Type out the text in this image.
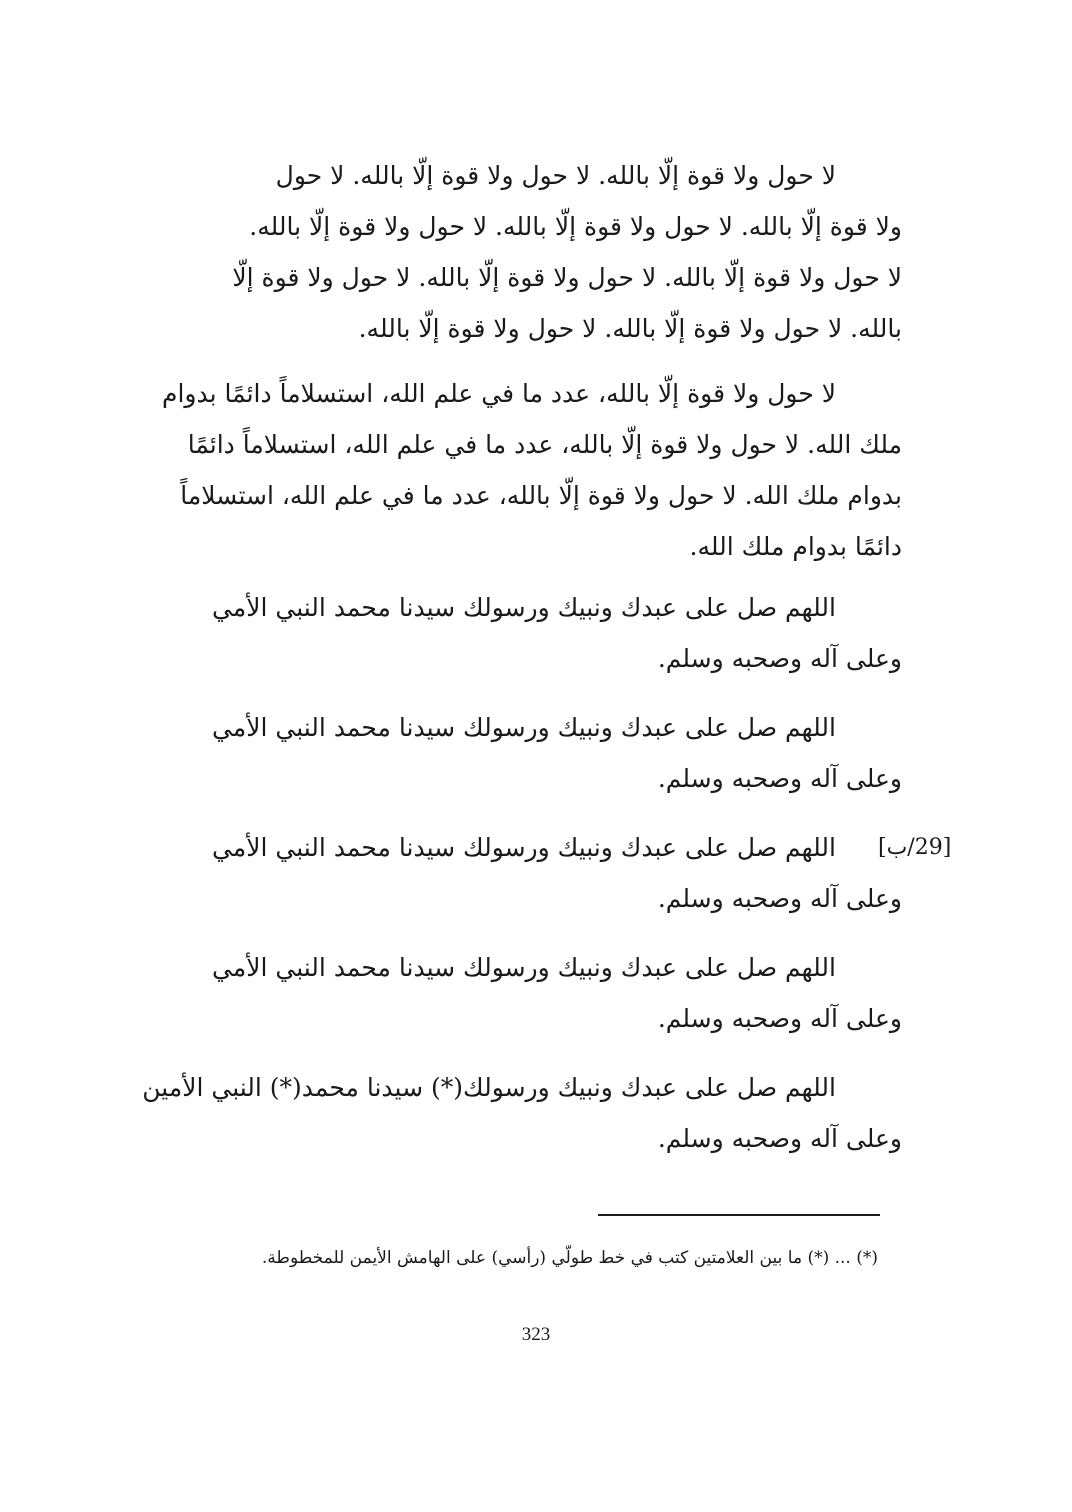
لا حول ولا قوة إلّا بالله. لا حول ولا قوة إلّا بالله. لا حول
ولا قوة إلّا بالله. لا حول ولا قوة إلّا بالله. لا حول ولا قوة إلّا بالله.
لا حول ولا قوة إلّا بالله. لا حول ولا قوة إلّا بالله. لا حول ولا قوة إلّا
بالله. لا حول ولا قوة إلّا بالله. لا حول ولا قوة إلّا بالله.

لا حول ولا قوة إلّا بالله، عدد ما في علم الله، استسلاماً دائمًا بدوام
ملك الله. لا حول ولا قوة إلّا بالله، عدد ما في علم الله، استسلاماً دائمًا
بدوام ملك الله. لا حول ولا قوة إلّا بالله، عدد ما في علم الله، استسلاماً
دائمًا بدوام ملك الله.

اللهم صل على عبدك ونبيك ورسولك سيدنا محمد النبي الأمي
وعلى آله وصحبه وسلم.

اللهم صل على عبدك ونبيك ورسولك سيدنا محمد النبي الأمي
وعلى آله وصحبه وسلم.

اللهم صل على عبدك ونبيك ورسولك سيدنا محمد النبي الأمي
وعلى آله وصحبه وسلم.

[29/ب]

اللهم صل على عبدك ونبيك ورسولك سيدنا محمد النبي الأمي
وعلى آله وصحبه وسلم.

اللهم صل على عبدك ونبيك ورسولك(*) سيدنا محمد(*) النبي الأمين
وعلى آله وصحبه وسلم.

(*) ... (*) ما بين العلامتين كتب في خط طولّي (رأسي) على الهامش الأيمن للمخطوطة.

323
